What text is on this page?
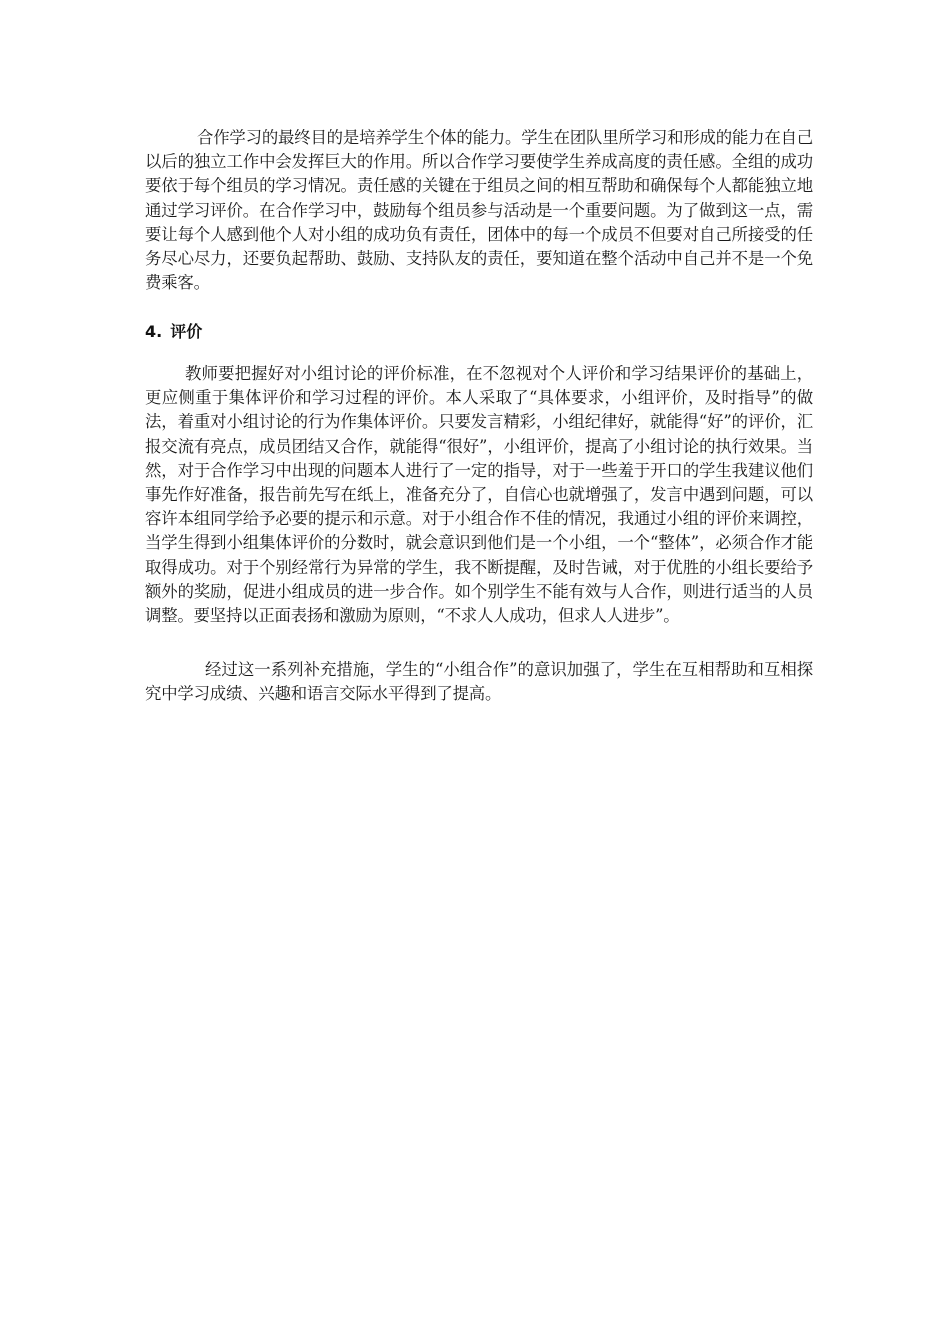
合作学习的最终目的是培养学生个体的能力。学生在团队里所学习和形成的能力在自己以后的独立工作中会发挥巨大的作用。所以合作学习要使学生养成高度的责任感。全组的成功要依于每个组员的学习情况。责任感的关键在于组员之间的相互帮助和确保每个人都能独立地通过学习评价。在合作学习中，鼓励每个组员参与活动是一个重要问题。为了做到这一点，需要让每个人感到他个人对小组的成功负有责任，团体中的每一个成员不但要对自己所接受的任务尽心尽力，还要负起帮助、鼓励、支持队友的责任，要知道在整个活动中自己并不是一个免费乘客。

4. 评价

教师要把握好对小组讨论的评价标准，在不忽视对个人评价和学习结果评价的基础上，更应侧重于集体评价和学习过程的评价。本人采取了“具体要求，小组评价，及时指导”的做法，着重对小组讨论的行为作集体评价。只要发言精彩，小组纪律好，就能得“好”的评价，汇报交流有亮点，成员团结又合作，就能得“很好”，小组评价，提高了小组讨论的执行效果。当然，对于合作学习中出现的问题本人进行了一定的指导，对于一些羞于开口的学生我建议他们事先作好准备，报告前先写在纸上，准备充分了，自信心也就增强了，发言中遇到问题，可以容许本组同学给予必要的提示和示意。对于小组合作不佳的情况，我通过小组的评价来调控，当学生得到小组集体评价的分数时，就会意识到他们是一个小组，一个“整体”，必须合作才能取得成功。对于个别经常行为异常的学生，我不断提醒，及时告诫，对于优胜的小组长要给予额外的奖励，促进小组成员的进一步合作。如个别学生不能有效与人合作，则进行适当的人员调整。要坚持以正面表扬和激励为原则，“不求人人成功，但求人人进步”。

经过这一系列补充措施，学生的“小组合作”的意识加强了，学生在互相帮助和互相探究中学习成绩、兴趣和语言交际水平得到了提高。
